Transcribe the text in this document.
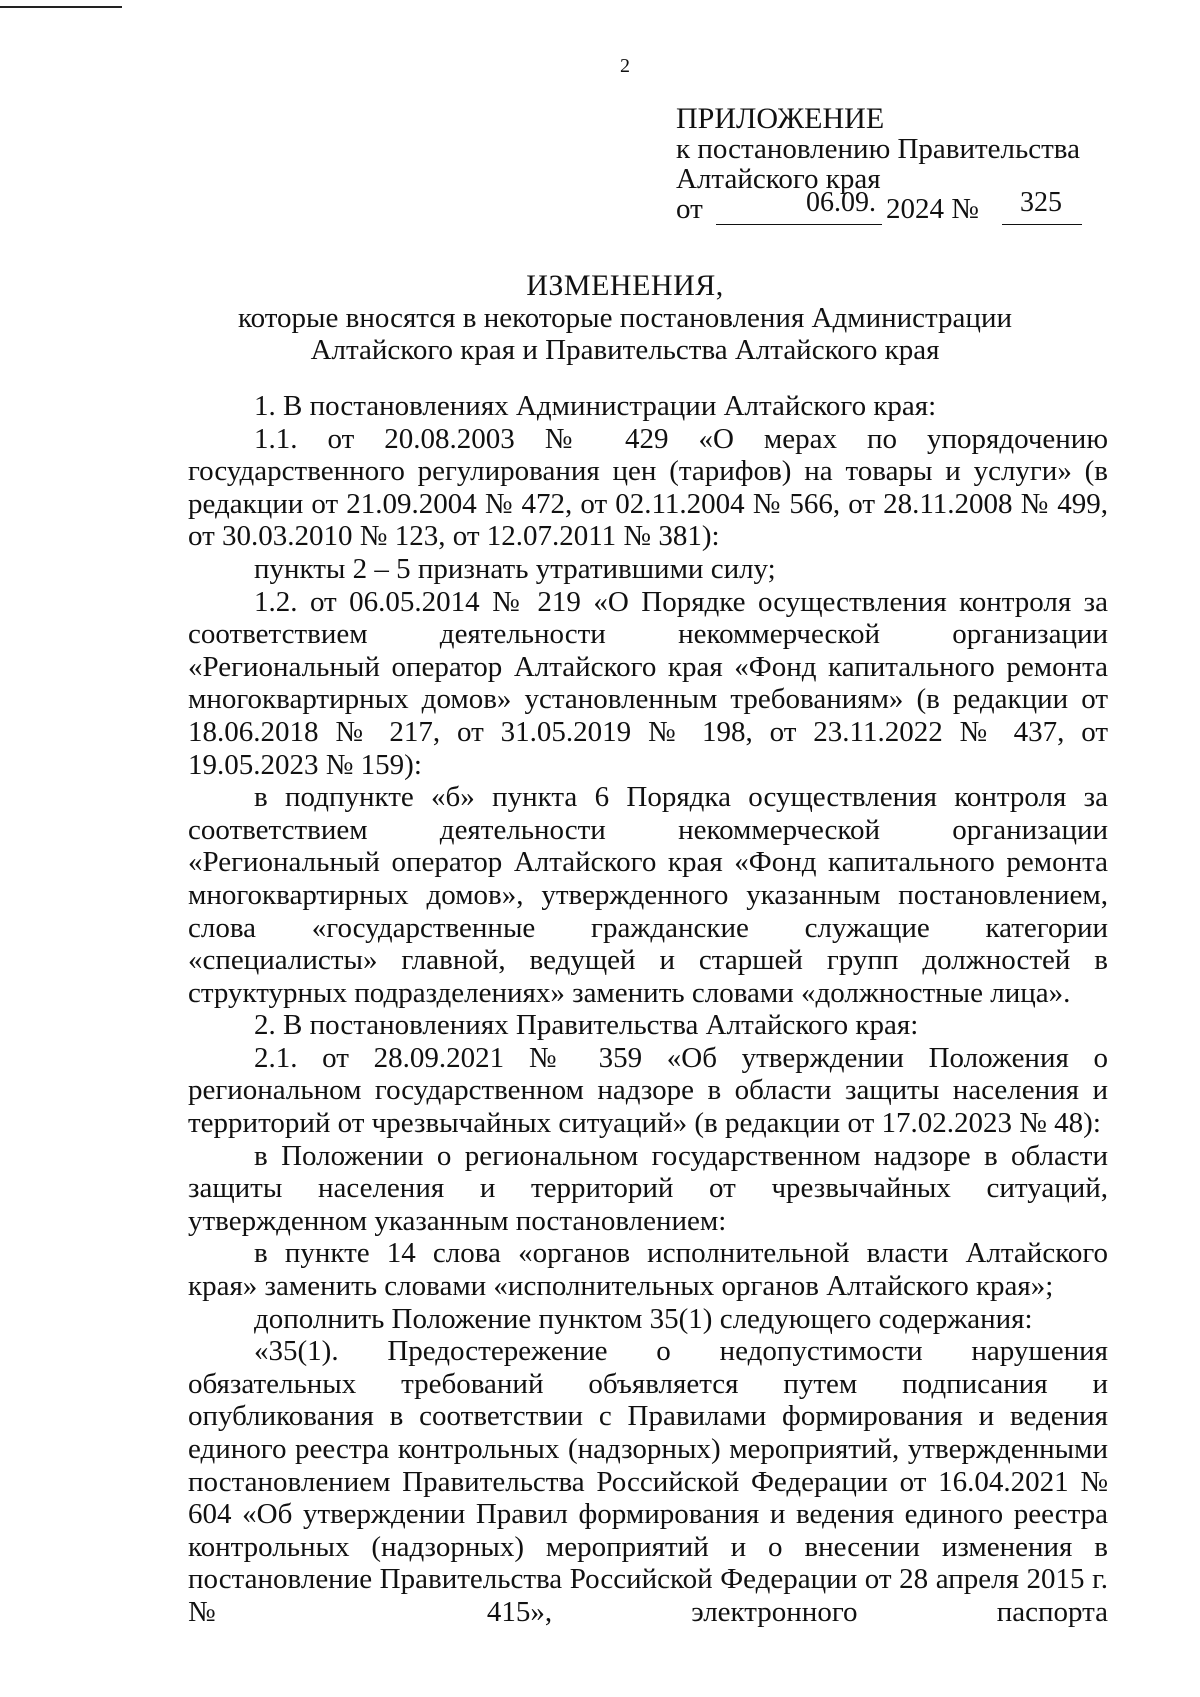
2
ПРИЛОЖЕНИЕ
к постановлению Правительства
Алтайского края
от	06.09. 2024 № 325
ИЗМЕНЕНИЯ,
которые вносятся в некоторые постановления Администрации
Алтайского края и Правительства Алтайского края

1. В постановлениях Администрации Алтайского края:

1.1. от 20.08.2003 № 429 «О мерах по упорядочению государственного регулирования цен (тарифов) на товары и услуги» (в редакции от 21.09.2004 № 472, от 02.11.2004 № 566, от 28.11.2008 № 499, от 30.03.2010 № 123, от 12.07.2011 № 381):

пункты 2 – 5 признать утратившими силу;

1.2. от 06.05.2014 № 219 «О Порядке осуществления контроля за соответствием деятельности некоммерческой организации «Региональный оператор Алтайского края «Фонд капитального ремонта многоквартирных домов» установленным требованиям» (в редакции от 18.06.2018 № 217, от 31.05.2019 № 198, от 23.11.2022 № 437, от 19.05.2023 № 159):

в подпункте «б» пункта 6 Порядка осуществления контроля за соответствием деятельности некоммерческой организации «Региональный оператор Алтайского края «Фонд капитального ремонта многоквартирных домов», утвержденного указанным постановлением, слова «государственные гражданские служащие категории «специалисты» главной, ведущей и старшей групп должностей в структурных подразделениях» заменить словами «должностные лица».

2. В постановлениях Правительства Алтайского края:

2.1. от 28.09.2021 № 359 «Об утверждении Положения о региональном государственном надзоре в области защиты населения и территорий от чрезвычайных ситуаций» (в редакции от 17.02.2023 № 48):

в Положении о региональном государственном надзоре в области защиты населения и территорий от чрезвычайных ситуаций, утвержденном указанным постановлением:

в пункте 14 слова «органов исполнительной власти Алтайского края» заменить словами «исполнительных органов Алтайского края»;

дополнить Положение пунктом 35(1) следующего содержания:

«35(1). Предостережение о недопустимости нарушения обязательных требований объявляется путем подписания и опубликования в соответствии с Правилами формирования и ведения единого реестра контрольных (надзорных) мероприятий, утвержденными постановлением Правительства Российской Федерации от 16.04.2021 № 604 «Об утверждении Правил формирования и ведения единого реестра контрольных (надзорных) мероприятий и о внесении изменения в постановление Правительства Российской Федерации от 28 апреля 2015 г. № 415», электронного паспорта
